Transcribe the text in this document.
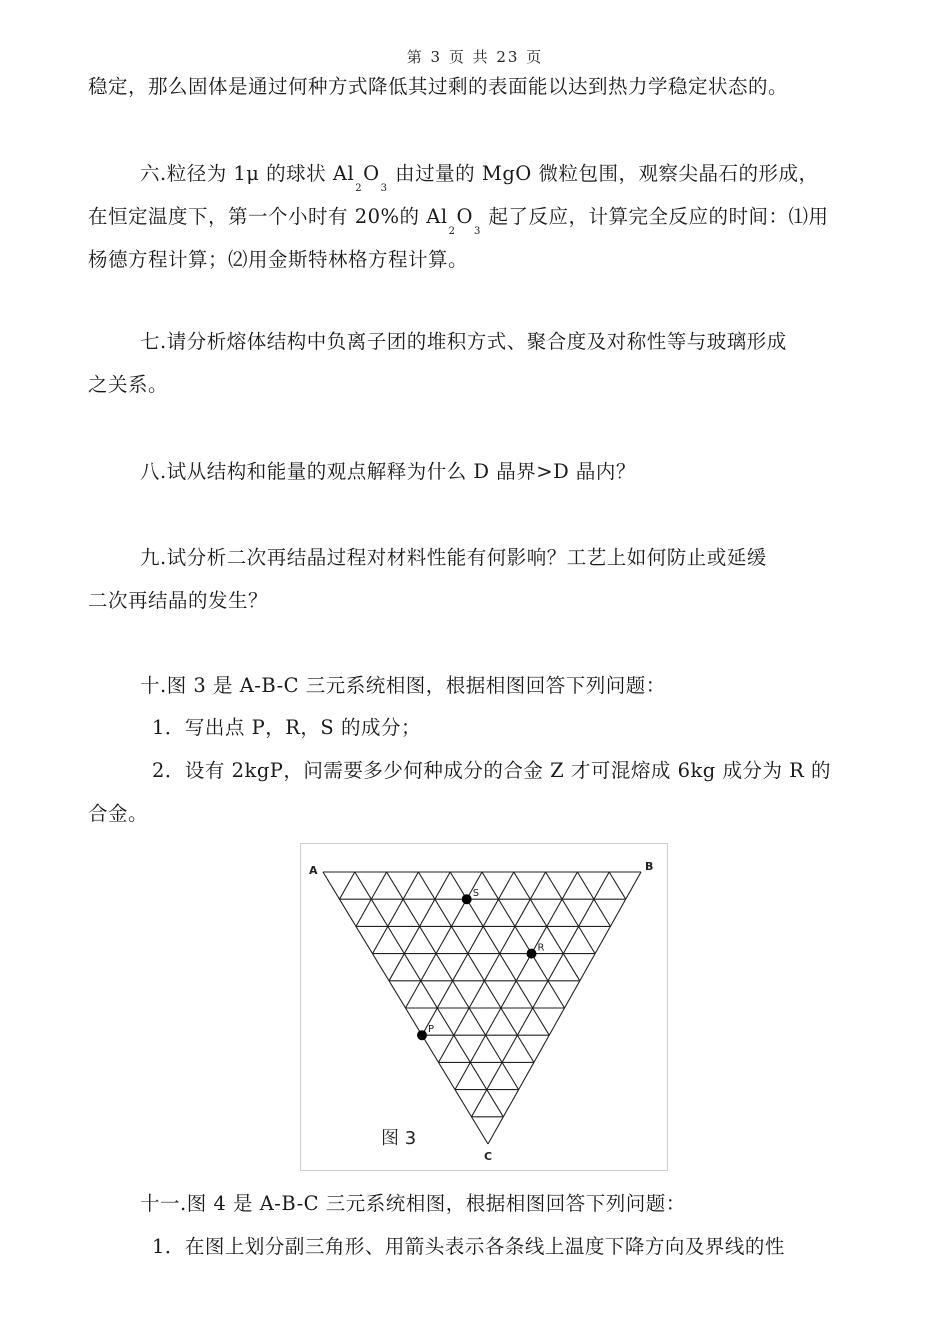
第 3 页 共 23 页
稳定，那么固体是通过何种方式降低其过剩的表面能以达到热力学稳定状态的。
六.粒径为 1μ 的球状 $Al_2O_3$ 由过量的 MgO 微粒包围，观察尖晶石的形成，
在恒定温度下，第一个小时有 20%的 $Al_2O_3$ 起了反应，计算完全反应的时间：⑴用
杨德方程计算；⑵用金斯特林格方程计算。
七.请分析熔体结构中负离子团的堆积方式、聚合度及对称性等与玻璃形成
之关系。
八.试从结构和能量的观点解释为什么 D 晶界>D 晶内？
九.试分析二次再结晶过程对材料性能有何影响？工艺上如何防止或延缓
二次再结晶的发生？
十.图 3 是 A-B-C 三元系统相图，根据相图回答下列问题：
1．写出点 P，R，S 的成分；
2．设有 2kgP，问需要多少何种成分的合金 Z 才可混熔成 6kg 成分为 R 的
合金。
A	B
C
S
R
P
图 3
十一.图 4 是 A-B-C 三元系统相图，根据相图回答下列问题：
1．在图上划分副三角形、用箭头表示各条线上温度下降方向及界线的性
